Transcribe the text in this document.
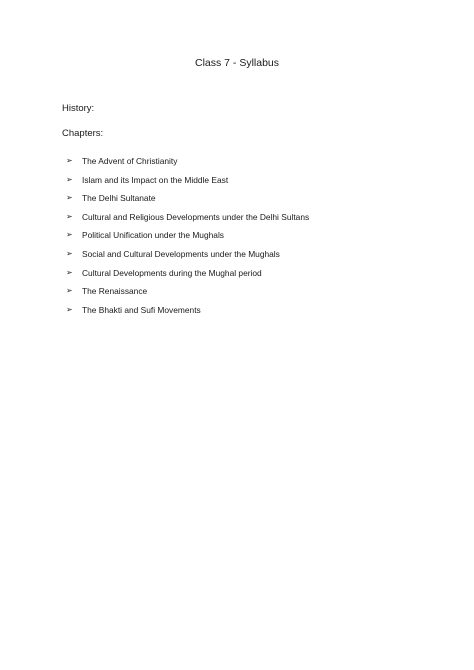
Class 7 - Syllabus
History:
Chapters:
➢	The Advent of Christianity
➢	Islam and its Impact on the Middle East
➢	The Delhi Sultanate
➢	Cultural and Religious Developments under the Delhi Sultans
➢	Political Unification under the Mughals
➢	Social and Cultural Developments under the Mughals
➢	Cultural Developments during the Mughal period
➢	The Renaissance
➢	The Bhakti and Sufi Movements
